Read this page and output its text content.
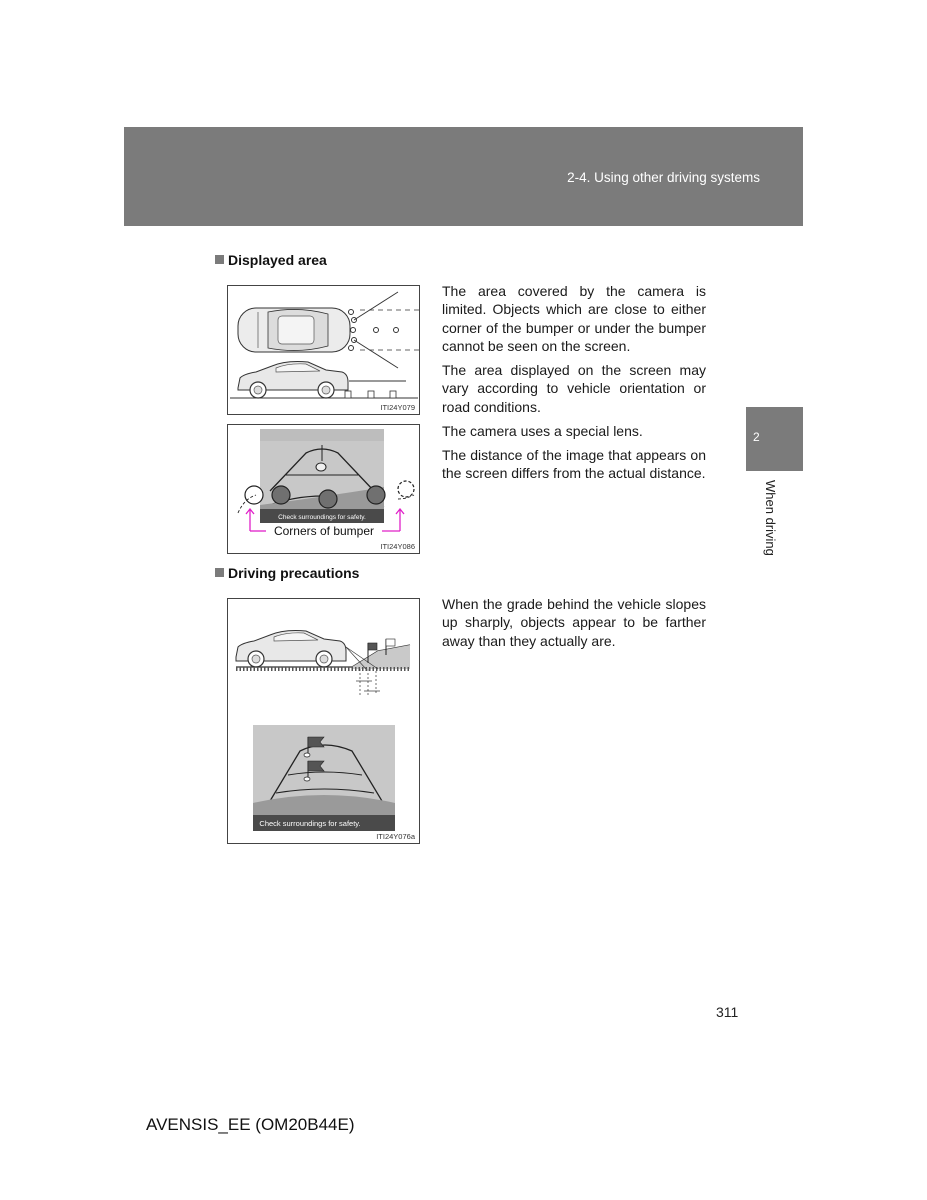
2-4. Using other driving systems
Displayed area
ITI24Y079
Check surroundings for safety.
Corners of bumper
ITI24Y086

The area covered by the camera is limited. Objects which are close to either corner of the bumper or under the bumper cannot be seen on the screen.

The area displayed on the screen may vary according to vehicle orientation or road conditions.

The camera uses a special lens.

The distance of the image that appears on the screen differs from the actual distance.

Driving precautions
Check surroundings for safety.
ITI24Y076a

When the grade behind the vehicle slopes up sharply, objects appear to be farther away than they actually are.

2
When driving
311
AVENSIS_EE (OM20B44E)
